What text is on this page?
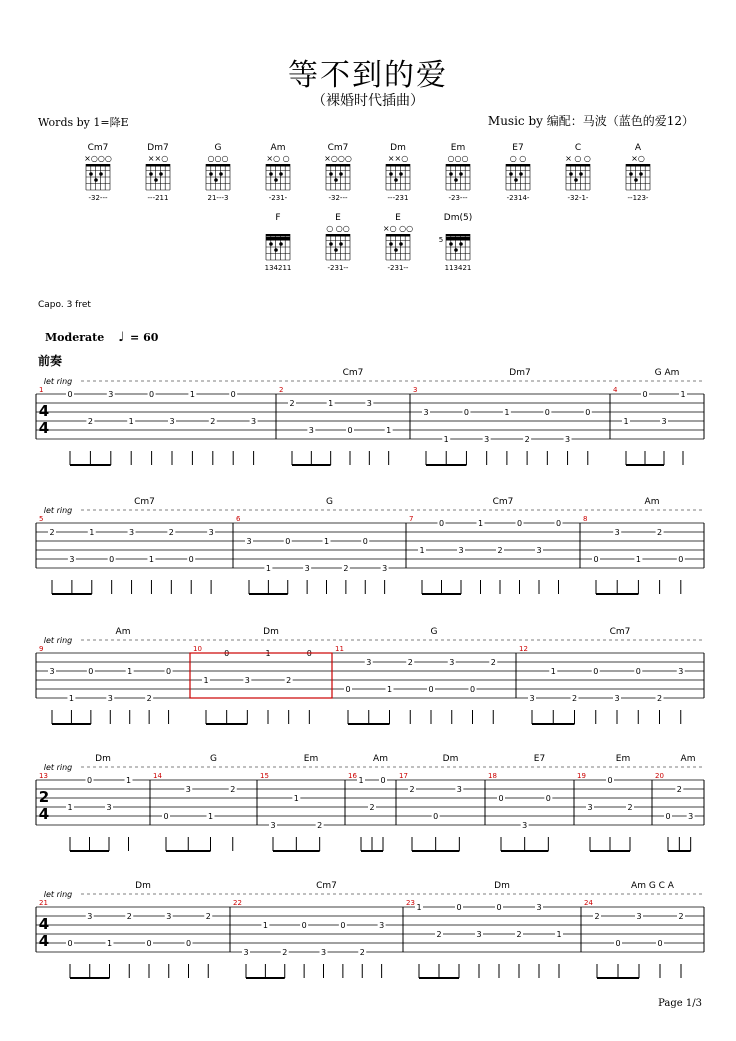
等不到的爱
（裸婚时代插曲）
Words by 1=降E	Music by 编配：马波（蓝色的爱12）
Capo. 3 fret
Moderate ♩ = 60
前奏
Page 1/3
Cm7
×○○○
-32---
Dm7
××○
---211
G
○○○
21---3
Am
×○ ○
-231-
Cm7
×○○○
-32---
Dm
××○
---231
Em
○○○
-23---
E7
○ ○
-2314-
C
× ○ ○
-32-1-
A
×○
--123-
F
134211
E
○ ○○
-231--
E
×○ ○○
-231--
Dm(5)
5
113421
let ring
4
4
1	0
2
3
1
0
3
1
2
0
3
2
Cm7
2
3
1
0
3
1
3
Dm7
3
1
0
3
1
2
0
3
0
4
G Am
1
0
3
1
let ring
5
Cm7
2
3
1
0
3
1
2
0
3
6
G
3
1
0
3
1
2
0
3
7
Cm7
1
0
3
1
2
0
3
0	8
Am
0
3
1
2
0
let ring
9
Am
3
1
0
3
1
2
0
10
Dm
1
0
3
1
2
0	11
G
0
3
1
2
0
3
0
2
12
Cm7
3
1
2
0
3
0
2
3
let ring
2
4
13
Dm
1
0
3
1	14
G
0
3
1
2
15
Em
3
1
2
16
Am
1
2
0 17
Dm
2
0
3
18
E7
0
3
0
19
Em
3
0
2
20
Am
0
2
3
let ring
4
4
21
Dm
0
3
1
2
0
3
0
2
22
Cm7
3
1
2
0
3
0
2
3
23
Dm
1
2
0
3
0
2
3
1
24
Am G C A
2
0
3
0
2
